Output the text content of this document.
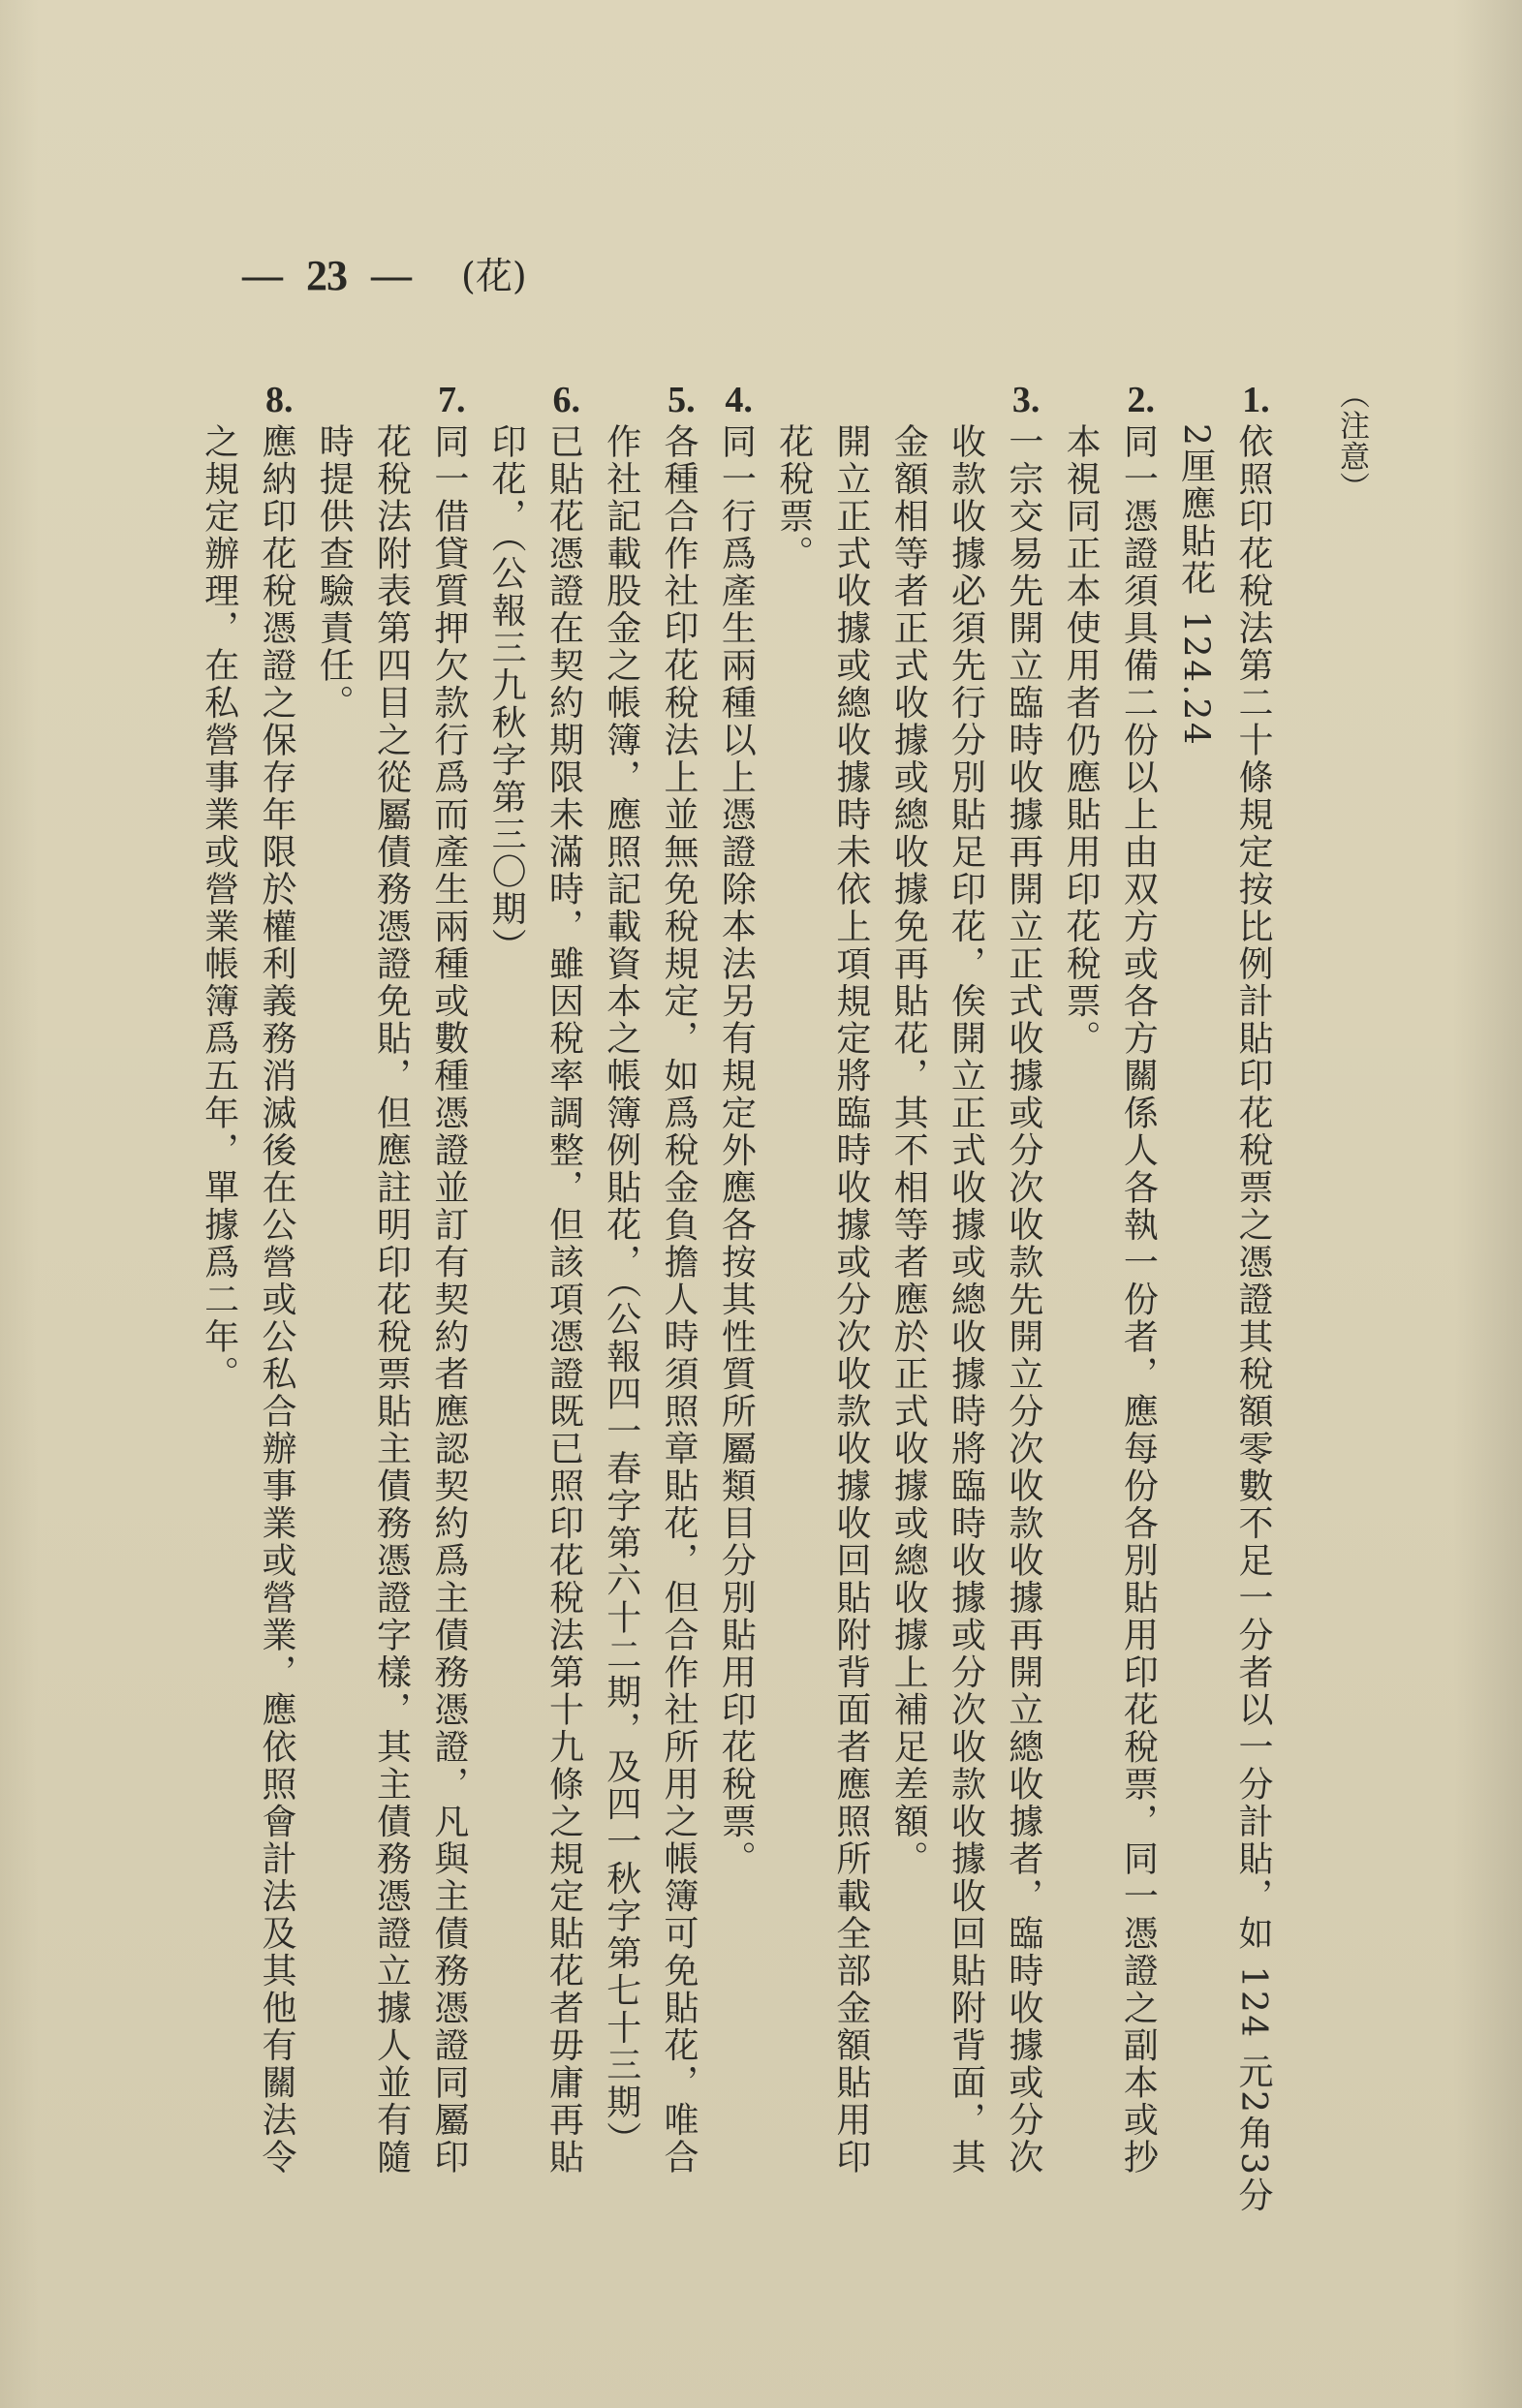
— 23 — (花)
（注意）
1.
依照印花稅法第二十條規定按比例計貼印花稅票之憑證其稅額零數不足一分者以一分計貼，如 124 元2角3分
2厘應貼花 124.24
2.
同一憑證須具備二份以上由双方或各方關係人各執一份者，應每份各別貼用印花稅票，同一憑證之副本或抄
本視同正本使用者仍應貼用印花稅票。
3.
一宗交易先開立臨時收據再開立正式收據或分次收款先開立分次收款收據再開立總收據者，臨時收據或分次
收款收據必須先行分別貼足印花，俟開立正式收據或總收據時將臨時收據或分次收款收據收回貼附背面，其
金額相等者正式收據或總收據免再貼花，其不相等者應於正式收據或總收據上補足差額。
開立正式收據或總收據時未依上項規定將臨時收據或分次收款收據收回貼附背面者應照所載全部金額貼用印
花稅票。
4.
同一行爲產生兩種以上憑證除本法另有規定外應各按其性質所屬類目分別貼用印花稅票。
5.
各種合作社印花稅法上並無免稅規定，如爲稅金負擔人時須照章貼花，但合作社所用之帳簿可免貼花，唯合
作社記載股金之帳簿，應照記載資本之帳簿例貼花，（公報四一春字第六十二期，及四一秋字第七十三期）
6.
已貼花憑證在契約期限未滿時，雖因稅率調整，但該項憑證既已照印花稅法第十九條之規定貼花者毋庸再貼
印花，（公報三九秋字第三〇期）
7.
同一借貸質押欠款行爲而產生兩種或數種憑證並訂有契約者應認契約爲主債務憑證，凡與主債務憑證同屬印
花稅法附表第四目之從屬債務憑證免貼，但應註明印花稅票貼主債務憑證字樣，其主債務憑證立據人並有隨
時提供查驗責任。
8.
應納印花稅憑證之保存年限於權利義務消滅後在公營或公私合辦事業或營業，應依照會計法及其他有關法令
之規定辦理，在私營事業或營業帳簿爲五年，單據爲二年。
